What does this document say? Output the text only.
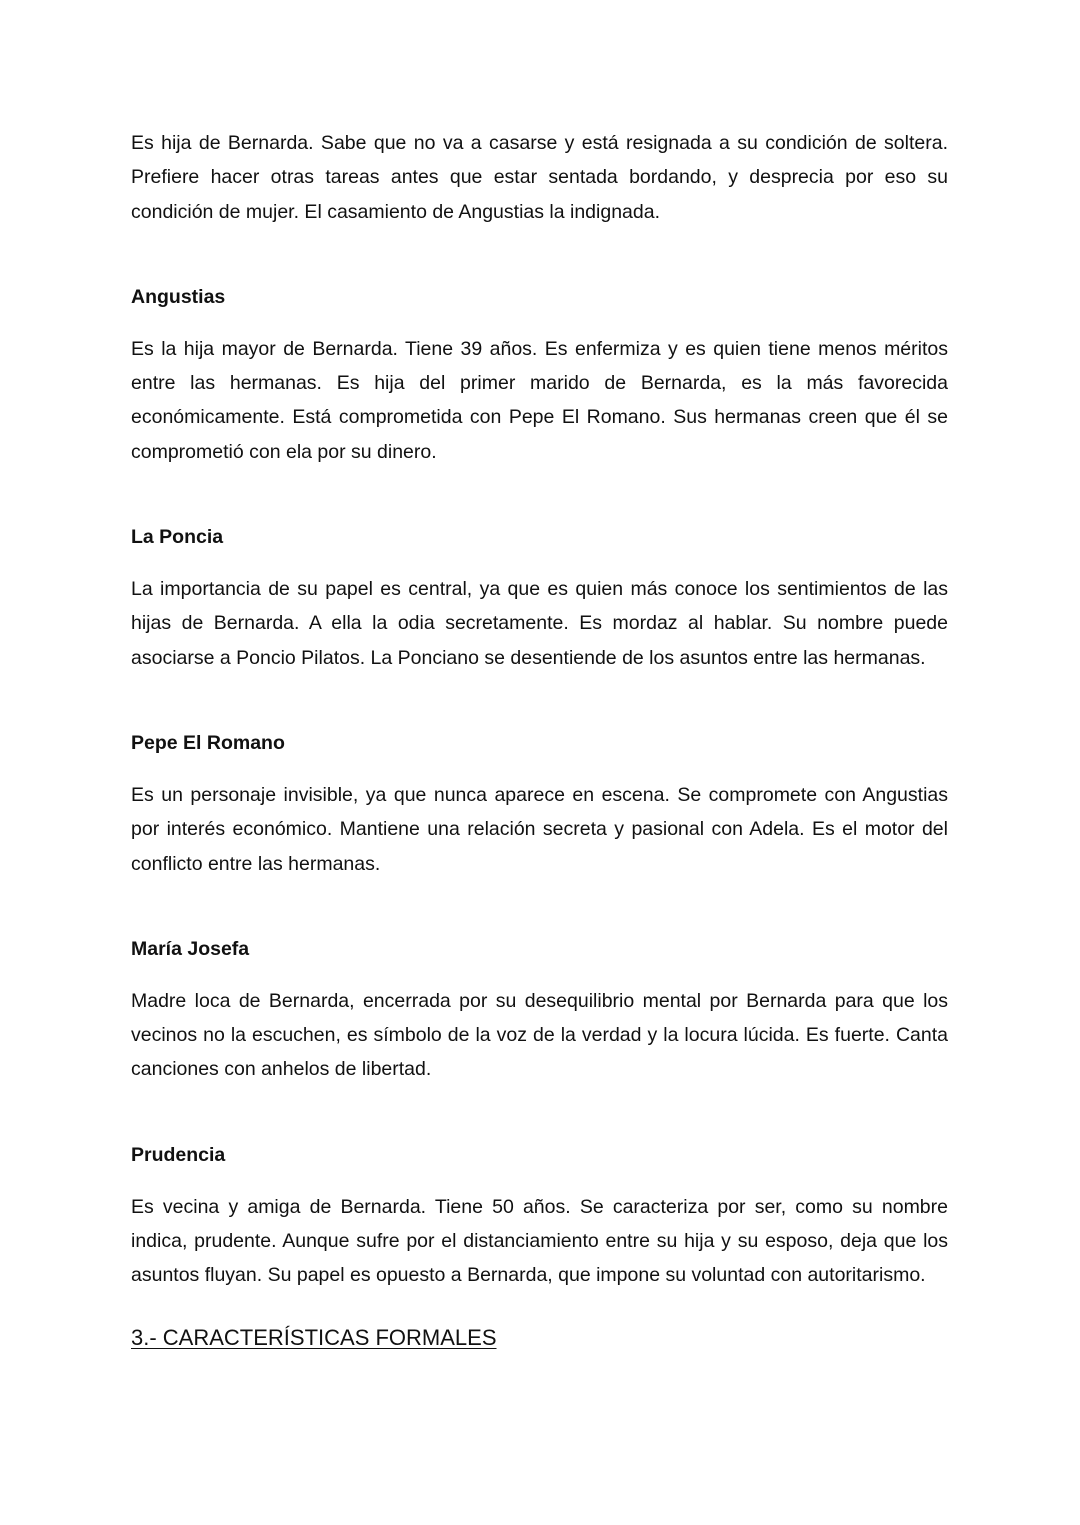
Es hija de Bernarda. Sabe que no va a casarse y está resignada a su condición de soltera. Prefiere hacer otras tareas antes que estar sentada bordando, y desprecia por eso su condición de mujer. El casamiento de Angustias la indignada.

Angustias

Es la hija mayor de Bernarda. Tiene 39 años. Es enfermiza y es quien tiene menos méritos entre las hermanas. Es hija del primer marido de Bernarda, es la más favorecida económicamente. Está comprometida con Pepe El Romano. Sus hermanas creen que él se comprometió con ela por su dinero.

La Poncia

La importancia de su papel es central, ya que es quien más conoce los sentimientos de las hijas de Bernarda. A ella la odia secretamente. Es mordaz al hablar. Su nombre puede asociarse a Poncio Pilatos. La Ponciano se desentiende de los asuntos entre las hermanas.

Pepe El Romano

Es un personaje invisible, ya que nunca aparece en escena. Se compromete con Angustias por interés económico. Mantiene una relación secreta y pasional con Adela. Es el motor del conflicto entre las hermanas.

María Josefa

Madre loca de Bernarda, encerrada por su desequilibrio mental por Bernarda para que los vecinos no la escuchen, es símbolo de la voz de la verdad y la locura lúcida. Es fuerte. Canta canciones con anhelos de libertad.

Prudencia

Es vecina y amiga de Bernarda. Tiene 50 años. Se caracteriza por ser, como su nombre indica, prudente. Aunque sufre por el distanciamiento entre su hija y su esposo, deja que los asuntos fluyan. Su papel es opuesto a Bernarda, que impone su voluntad con autoritarismo.

3.- CARACTERÍSTICAS FORMALES
